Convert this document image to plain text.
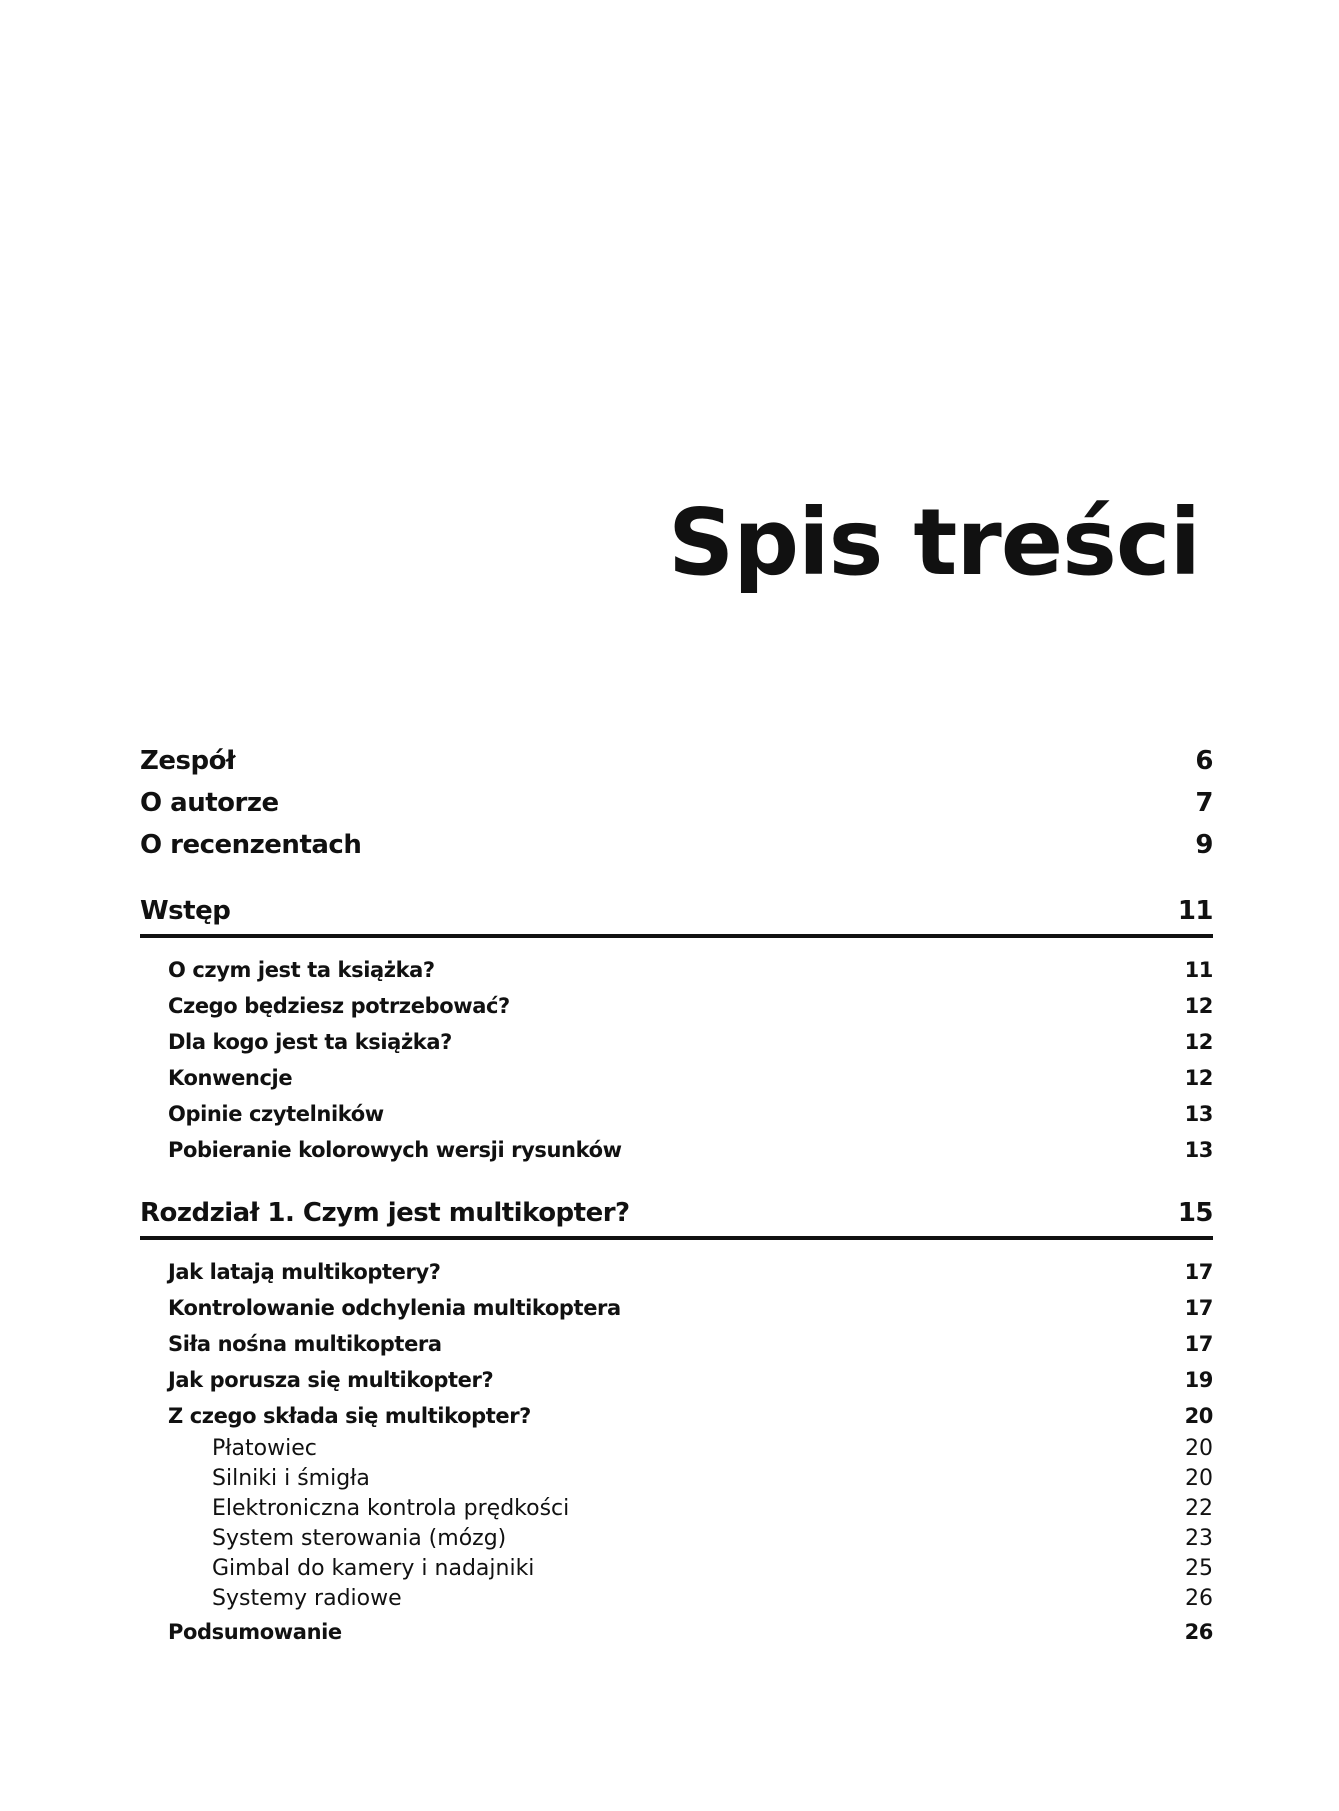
Spis treści
Zespół	6
O autorze	7
O recenzentach	9
Wstęp	11
O czym jest ta książka?	11
Czego będziesz potrzebować?	12
Dla kogo jest ta książka?	12
Konwencje	12
Opinie czytelników	13
Pobieranie kolorowych wersji rysunków	13
Rozdział 1. Czym jest multikopter?	15
Jak latają multikoptery?	17
Kontrolowanie odchylenia multikoptera	17
Siła nośna multikoptera	17
Jak porusza się multikopter?	19
Z czego składa się multikopter?	20
Płatowiec	20
Silniki i śmigła	20
Elektroniczna kontrola prędkości	22
System sterowania (mózg)	23
Gimbal do kamery i nadajniki	25
Systemy radiowe	26
Podsumowanie	26
